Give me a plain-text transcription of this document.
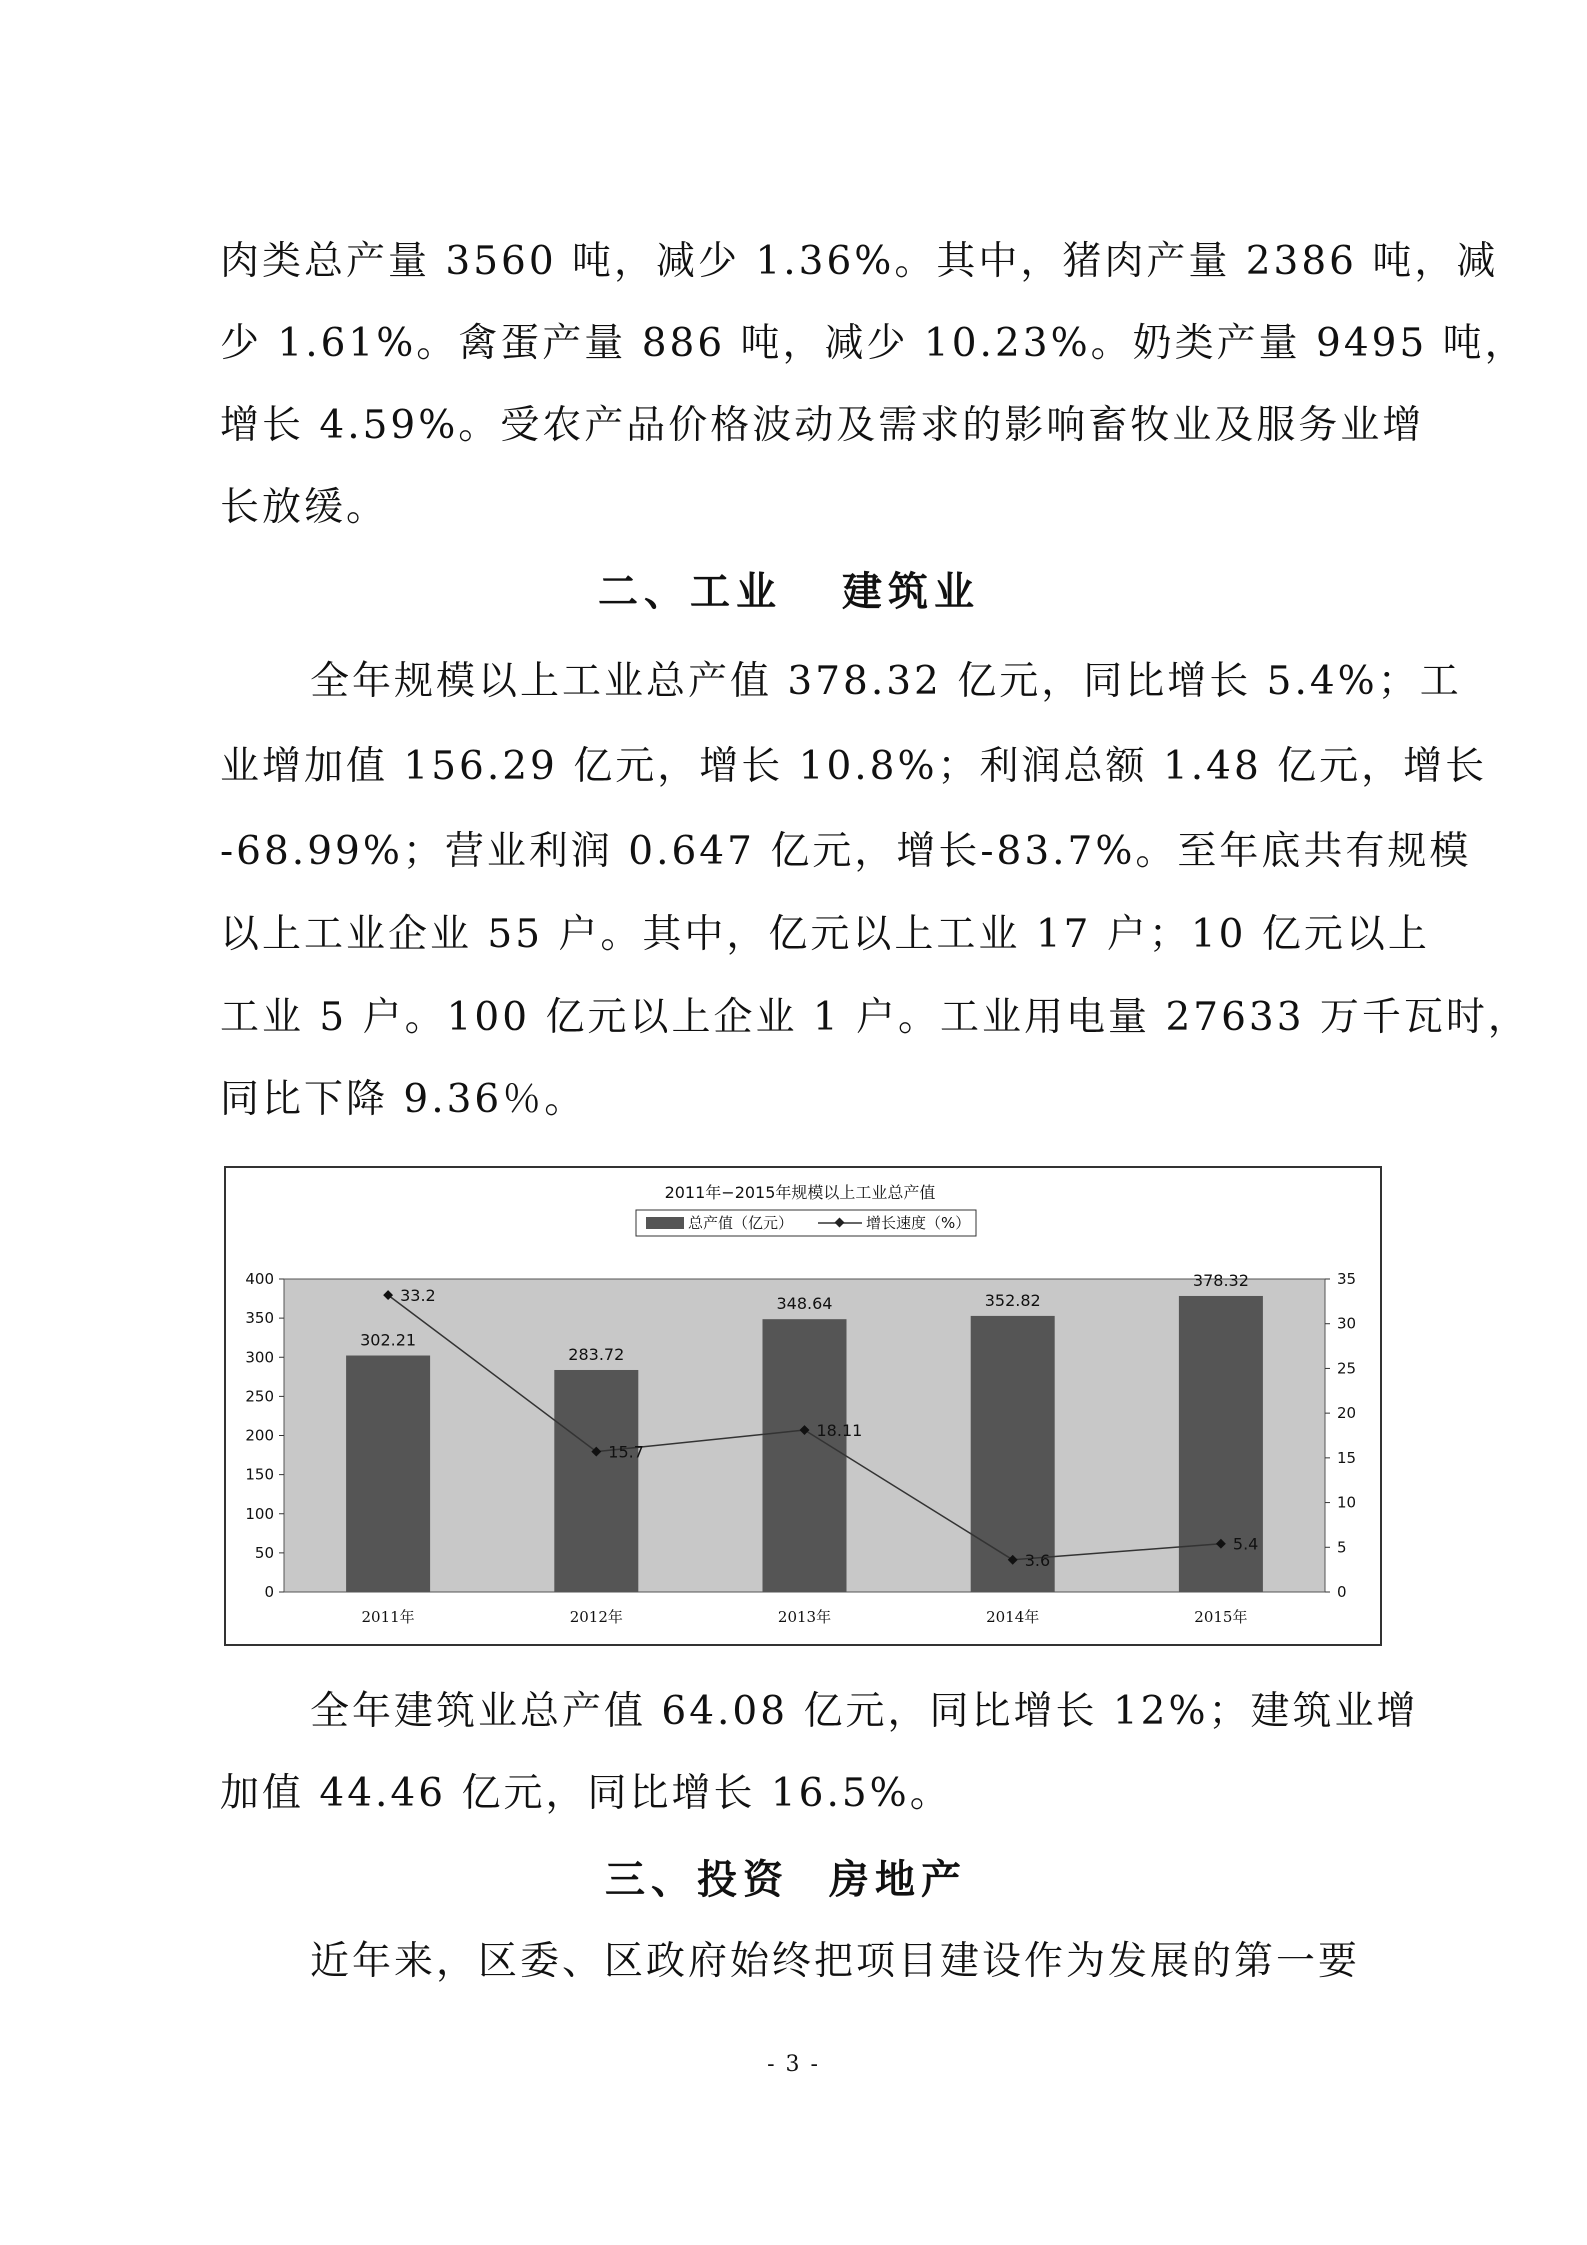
肉类总产量 3560 吨，减少 1.36%。其中，猪肉产量 2386 吨，减
少 1.61%。禽蛋产量 886 吨，减少 10.23%。奶类产量 9495 吨，
增长 4.59%。受农产品价格波动及需求的影响畜牧业及服务业增
长放缓。
二、工业 建筑业
全年规模以上工业总产值 378.32 亿元，同比增长 5.4%；工
业增加值 156.29 亿元，增长 10.8%；利润总额 1.48 亿元，增长
-68.99%；营业利润 0.647 亿元，增长-83.7%。至年底共有规模
以上工业企业 55 户。其中，亿元以上工业 17 户；10 亿元以上
工业 5 户。100 亿元以上企业 1 户。工业用电量 27633 万千瓦时，
同比下降 9.36％。
2011年−2015年规模以上工业总产值
总产值（亿元）	增长速度（%）
0
50
100
150
200
250
300
350
400
0
5
10
15
20
25
30
35
302.21
283.72
348.64	352.82
378.32
33.2
15.7
18.11
3.6
5.4
2011年	2012年	2013年	2014年	2015年
全年建筑业总产值 64.08 亿元，同比增长 12%；建筑业增
加值 44.46 亿元，同比增长 16.5%。
三、投资 房地产
近年来，区委、区政府始终把项目建设作为发展的第一要
- 3 -
